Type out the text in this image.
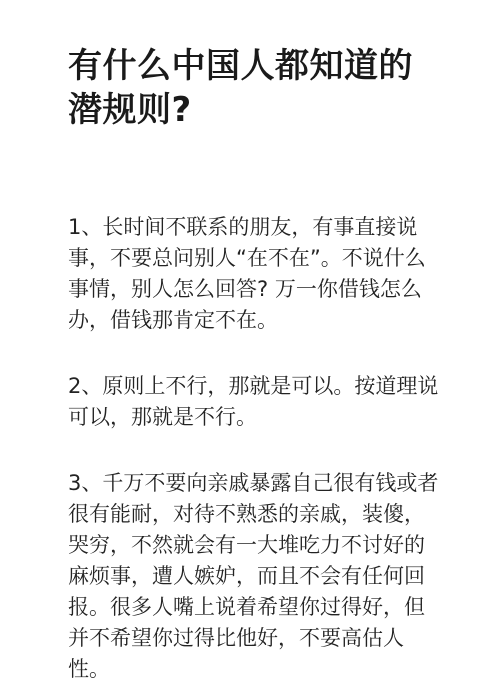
有什么中国人都知道的潜规则?

1、长时间不联系的朋友，有事直接说事，不要总问别人“在不在”。不说什么事情，别人怎么回答? 万一你借钱怎么办，借钱那肯定不在。

2、原则上不行，那就是可以。按道理说可以，那就是不行。

3、千万不要向亲戚暴露自己很有钱或者很有能耐，对待不熟悉的亲戚，装傻，哭穷，不然就会有一大堆吃力不讨好的麻烦事，遭人嫉妒，而且不会有任何回报。很多人嘴上说着希望你过得好，但并不希望你过得比他好，不要高估人性。
